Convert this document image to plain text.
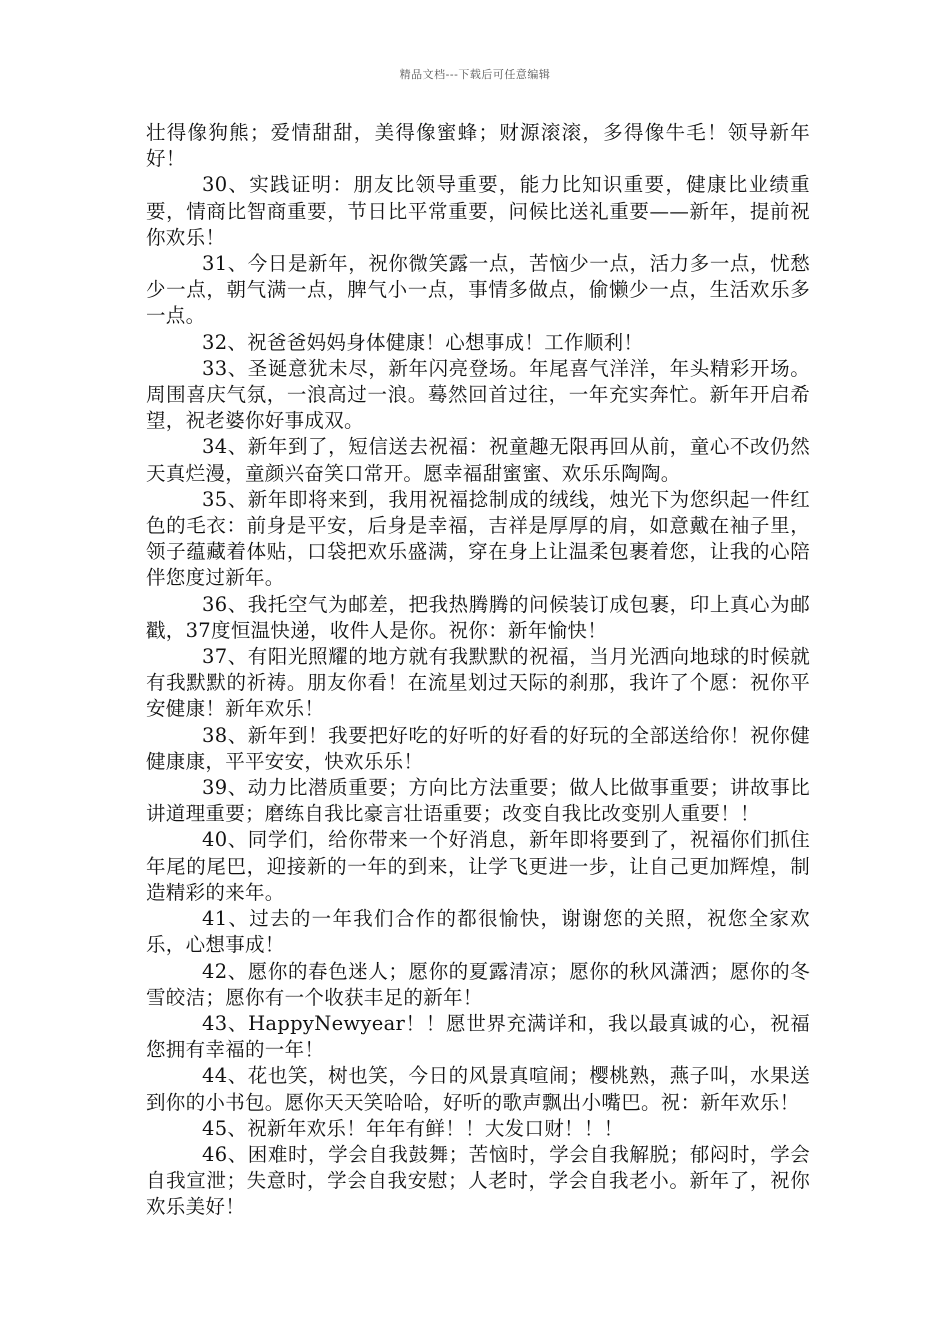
精品文档---下载后可任意编辑

壮得像狗熊；爱情甜甜，美得像蜜蜂；财源滚滚，多得像牛毛！领导新年好！

30、实践证明：朋友比领导重要，能力比知识重要，健康比业绩重要，情商比智商重要，节日比平常重要，问候比送礼重要——新年，提前祝你欢乐！

31、今日是新年，祝你微笑露一点，苦恼少一点，活力多一点，忧愁少一点，朝气满一点，脾气小一点，事情多做点，偷懒少一点，生活欢乐多一点。

32、祝爸爸妈妈身体健康！心想事成！工作顺利！

33、圣诞意犹未尽，新年闪亮登场。年尾喜气洋洋，年头精彩开场。周围喜庆气氛，一浪高过一浪。蓦然回首过往，一年充实奔忙。新年开启希望，祝老婆你好事成双。

34、新年到了，短信送去祝福：祝童趣无限再回从前，童心不改仍然天真烂漫，童颜兴奋笑口常开。愿幸福甜蜜蜜、欢乐乐陶陶。

35、新年即将来到，我用祝福捻制成的绒线，烛光下为您织起一件红色的毛衣：前身是平安，后身是幸福，吉祥是厚厚的肩，如意戴在袖子里，领子蕴藏着体贴，口袋把欢乐盛满，穿在身上让温柔包裹着您，让我的心陪伴您度过新年。

36、我托空气为邮差，把我热腾腾的问候装订成包裹，印上真心为邮戳，37度恒温快递，收件人是你。祝你：新年愉快！

37、有阳光照耀的地方就有我默默的祝福，当月光洒向地球的时候就有我默默的祈祷。朋友你看！在流星划过天际的刹那，我许了个愿：祝你平安健康！新年欢乐！

38、新年到！我要把好吃的好听的好看的好玩的全部送给你！祝你健健康康，平平安安，快欢乐乐！

39、动力比潜质重要；方向比方法重要；做人比做事重要；讲故事比讲道理重要；磨练自我比豪言壮语重要；改变自我比改变别人重要！！

40、同学们，给你带来一个好消息，新年即将要到了，祝福你们抓住年尾的尾巴，迎接新的一年的到来，让学飞更进一步，让自己更加辉煌，制造精彩的来年。

41、过去的一年我们合作的都很愉快，谢谢您的关照，祝您全家欢乐，心想事成！

42、愿你的春色迷人；愿你的夏露清凉；愿你的秋风潇洒；愿你的冬雪皎洁；愿你有一个收获丰足的新年！

43、HappyNewyear！！愿世界充满详和，我以最真诚的心，祝福您拥有幸福的一年！

44、花也笑，树也笑，今日的风景真喧闹；樱桃熟，燕子叫，水果送到你的小书包。愿你天天笑哈哈，好听的歌声飘出小嘴巴。祝：新年欢乐！

45、祝新年欢乐！年年有鲜！！大发口财！！！

46、困难时，学会自我鼓舞；苦恼时，学会自我解脱；郁闷时，学会自我宣泄；失意时，学会自我安慰；人老时，学会自我老小。新年了，祝你欢乐美好！
